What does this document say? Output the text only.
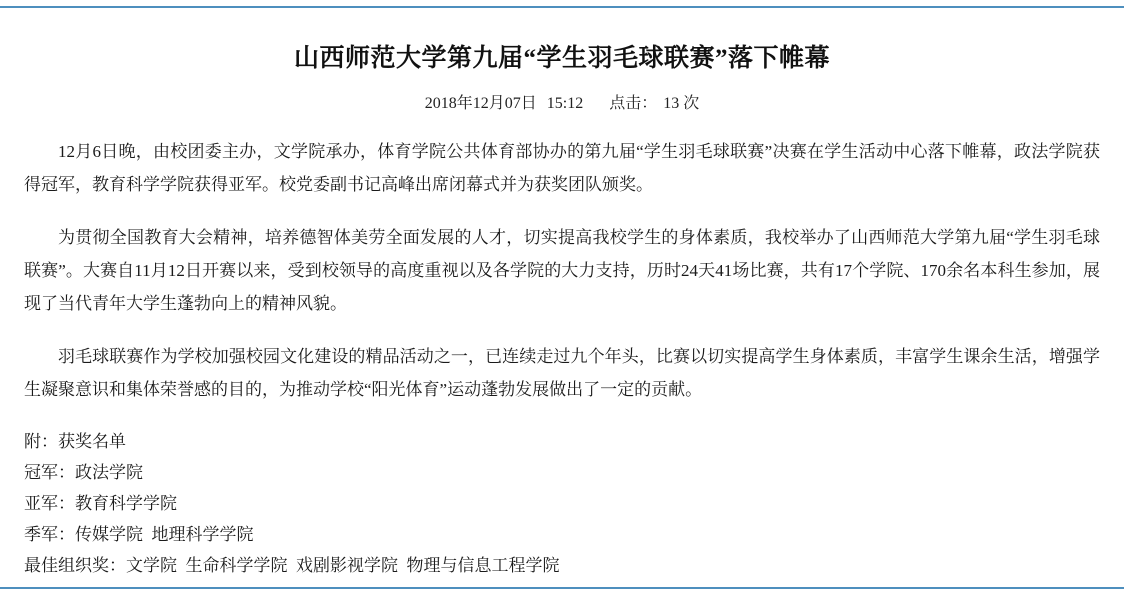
山西师范大学第九届“学生羽毛球联赛”落下帷幕
2018年12月07日 15:12 点击： 13 次

12月6日晚，由校团委主办，文学院承办，体育学院公共体育部协办的第九届“学生羽毛球联赛”决赛在学生活动中心落下帷幕，政法学院获得冠军，教育科学学院获得亚军。校党委副书记高峰出席闭幕式并为获奖团队颁奖。

为贯彻全国教育大会精神，培养德智体美劳全面发展的人才，切实提高我校学生的身体素质，我校举办了山西师范大学第九届“学生羽毛球联赛”。大赛自11月12日开赛以来，受到校领导的高度重视以及各学院的大力支持，历时24天41场比赛，共有17个学院、170余名本科生参加，展现了当代青年大学生蓬勃向上的精神风貌。

羽毛球联赛作为学校加强校园文化建设的精品活动之一，已连续走过九个年头，比赛以切实提高学生身体素质，丰富学生课余生活，增强学生凝聚意识和集体荣誉感的目的，为推动学校“阳光体育”运动蓬勃发展做出了一定的贡献。

附：获奖名单

冠军：政法学院

亚军：教育科学学院

季军：传媒学院  地理科学学院

最佳组织奖：文学院  生命科学学院  戏剧影视学院  物理与信息工程学院
